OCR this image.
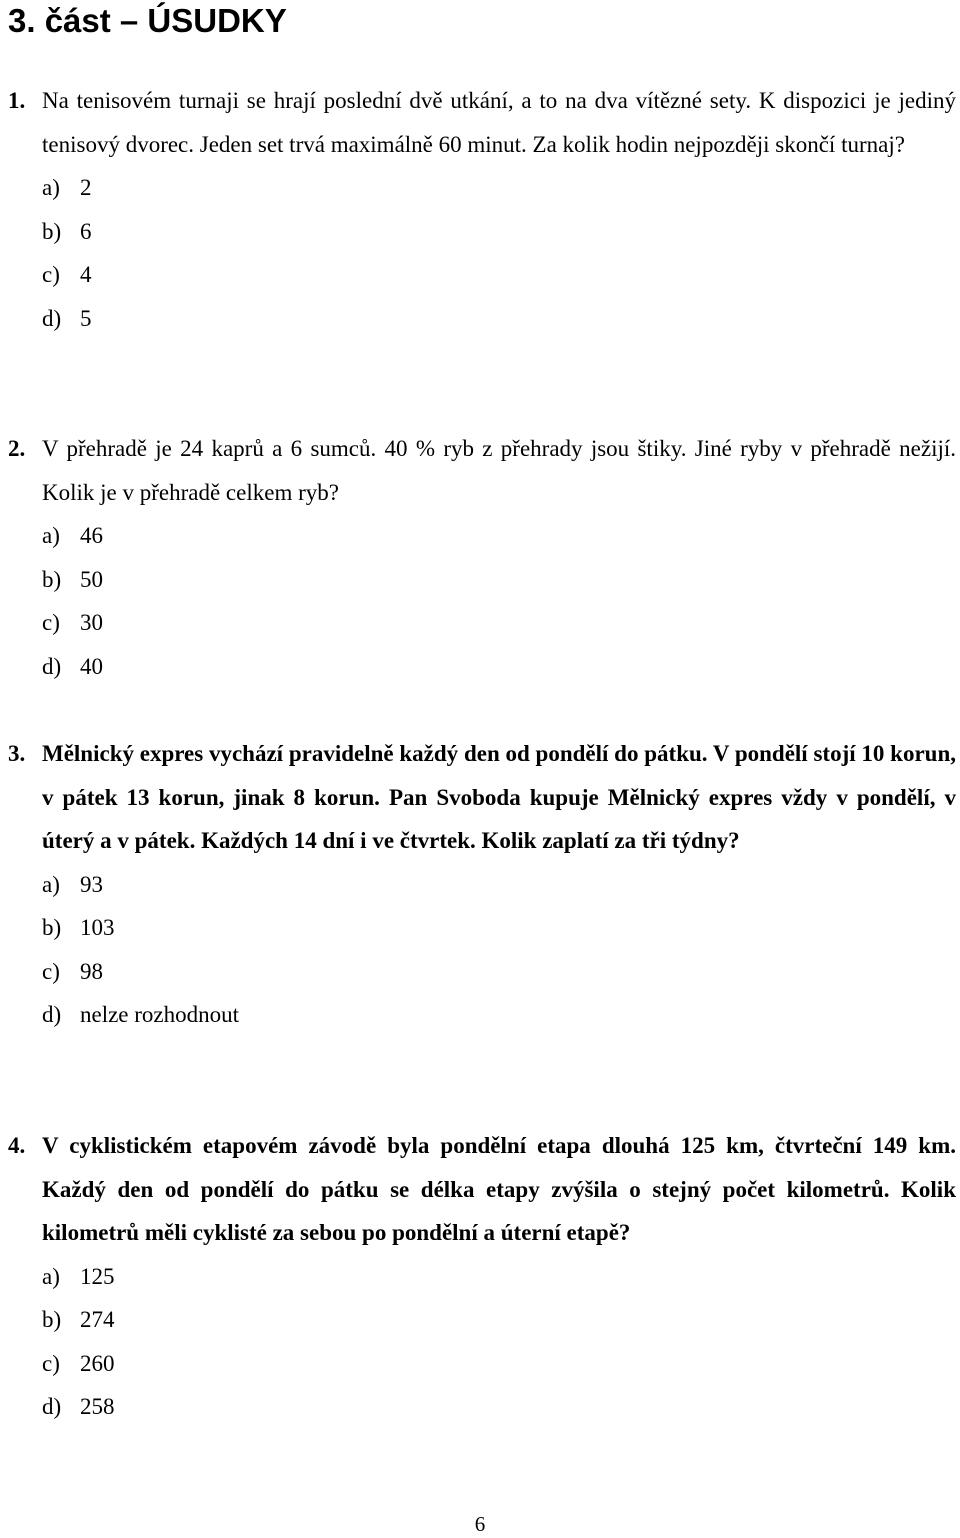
3. část – ÚSUDKY
1. Na tenisovém turnaji se hrají poslední dvě utkání, a to na dva vítězné sety. K dispozici je jediný tenisový dvorec. Jeden set trvá maximálně 60 minut. Za kolik hodin nejpozději skončí turnaj?

a) 2
b) 6
c) 4
d) 5
2. V přehradě je 24 kaprů a 6 sumců. 40 % ryb z přehrady jsou štiky. Jiné ryby v přehradě nežijí. Kolik je v přehradě celkem ryb?

a) 46
b) 50
c) 30
d) 40
3. Mělnický expres vychází pravidelně každý den od pondělí do pátku. V pondělí stojí 10 korun, v pátek 13 korun, jinak 8 korun. Pan Svoboda kupuje Mělnický expres vždy v pondělí, v úterý a v pátek. Každých 14 dní i ve čtvrtek. Kolik zaplatí za tři týdny?

a) 93
b) 103
c) 98
d) nelze rozhodnout
4. V cyklistickém etapovém závodě byla pondělní etapa dlouhá 125 km, čtvrteční 149 km. Každý den od pondělí do pátku se délka etapy zvýšila o stejný počet kilometrů. Kolik kilometrů měli cyklisté za sebou po pondělní a úterní etapě?

a) 125
b) 274
c) 260
d) 258
6
